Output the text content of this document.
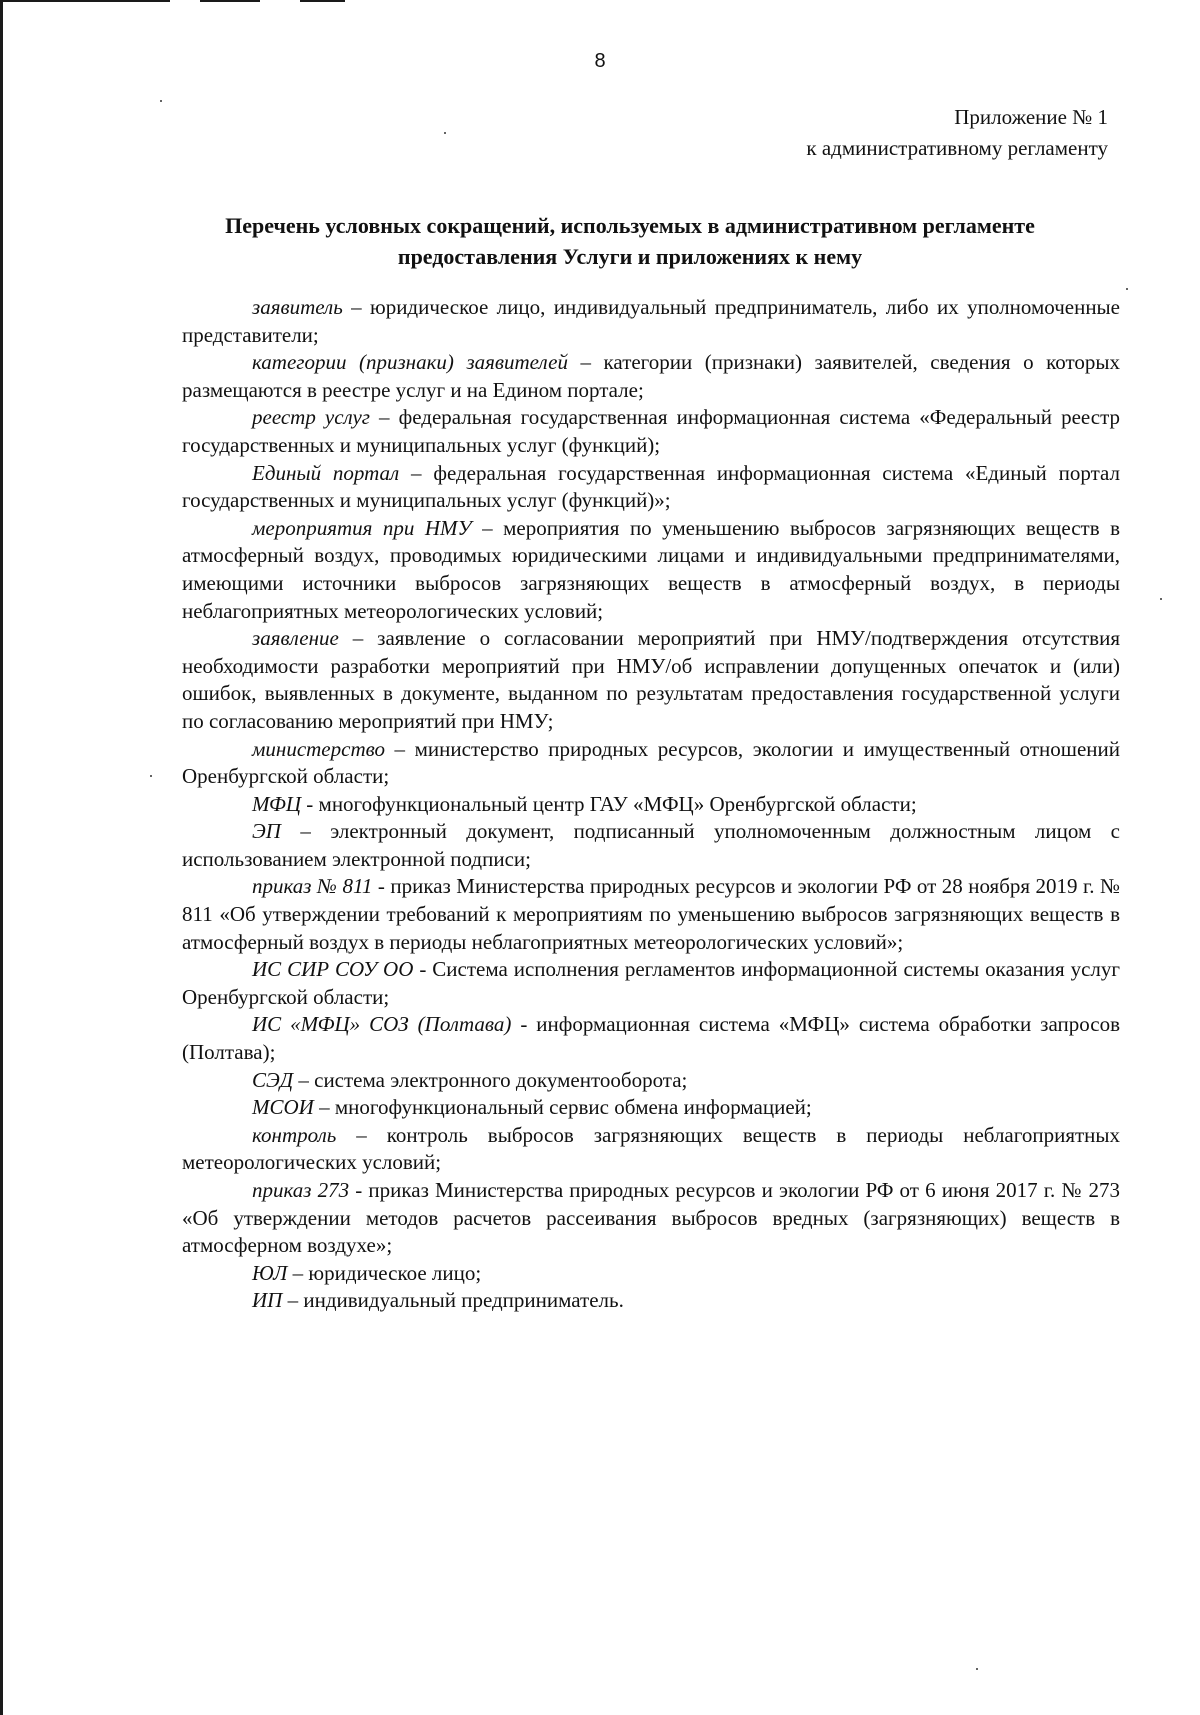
8
Приложение № 1
к административному регламенту
Перечень условных сокращений, используемых в административном регламенте
предоставления Услуги и приложениях к нему

заявитель – юридическое лицо, индивидуальный предприниматель, либо их уполномоченные представители;

категории (признаки) заявителей – категории (признаки) заявителей, сведения о которых размещаются в реестре услуг и на Едином портале;

реестр услуг – федеральная государственная информационная система «Федеральный реестр государственных и муниципальных услуг (функций);

Единый портал – федеральная государственная информационная система «Единый портал государственных и муниципальных услуг (функций)»;

мероприятия при НМУ – мероприятия по уменьшению выбросов загрязняющих веществ в атмосферный воздух, проводимых юридическими лицами и индивидуальными предпринимателями, имеющими источники выбросов загрязняющих веществ в атмосферный воздух, в периоды неблагоприятных метеорологических условий;

заявление – заявление о согласовании мероприятий при НМУ/подтверждения отсутствия необходимости разработки мероприятий при НМУ/об исправлении допущенных опечаток и (или) ошибок, выявленных в документе, выданном по результатам предоставления государственной услуги по согласованию мероприятий при НМУ;

министерство – министерство природных ресурсов, экологии и имущественный отношений Оренбургской области;

МФЦ - многофункциональный центр ГАУ «МФЦ» Оренбургской области;

ЭП – электронный документ, подписанный уполномоченным должностным лицом с использованием электронной подписи;

приказ № 811 - приказ Министерства природных ресурсов и экологии РФ от 28 ноября 2019 г. № 811 «Об утверждении требований к мероприятиям по уменьшению выбросов загрязняющих веществ в атмосферный воздух в периоды неблагоприятных метеорологических условий»;

ИС СИР СОУ ОО - Система исполнения регламентов информационной системы оказания услуг Оренбургской области;

ИС «МФЦ» СОЗ (Полтава) - информационная система «МФЦ» система обработки запросов (Полтава);

СЭД – система электронного документооборота;

МСОИ – многофункциональный сервис обмена информацией;

контроль – контроль выбросов загрязняющих веществ в периоды неблагоприятных метеорологических условий;

приказ 273 - приказ Министерства природных ресурсов и экологии РФ от 6 июня 2017 г. № 273 «Об утверждении методов расчетов рассеивания выбросов вредных (загрязняющих) веществ в атмосферном воздухе»;

ЮЛ – юридическое лицо;

ИП – индивидуальный предприниматель.
